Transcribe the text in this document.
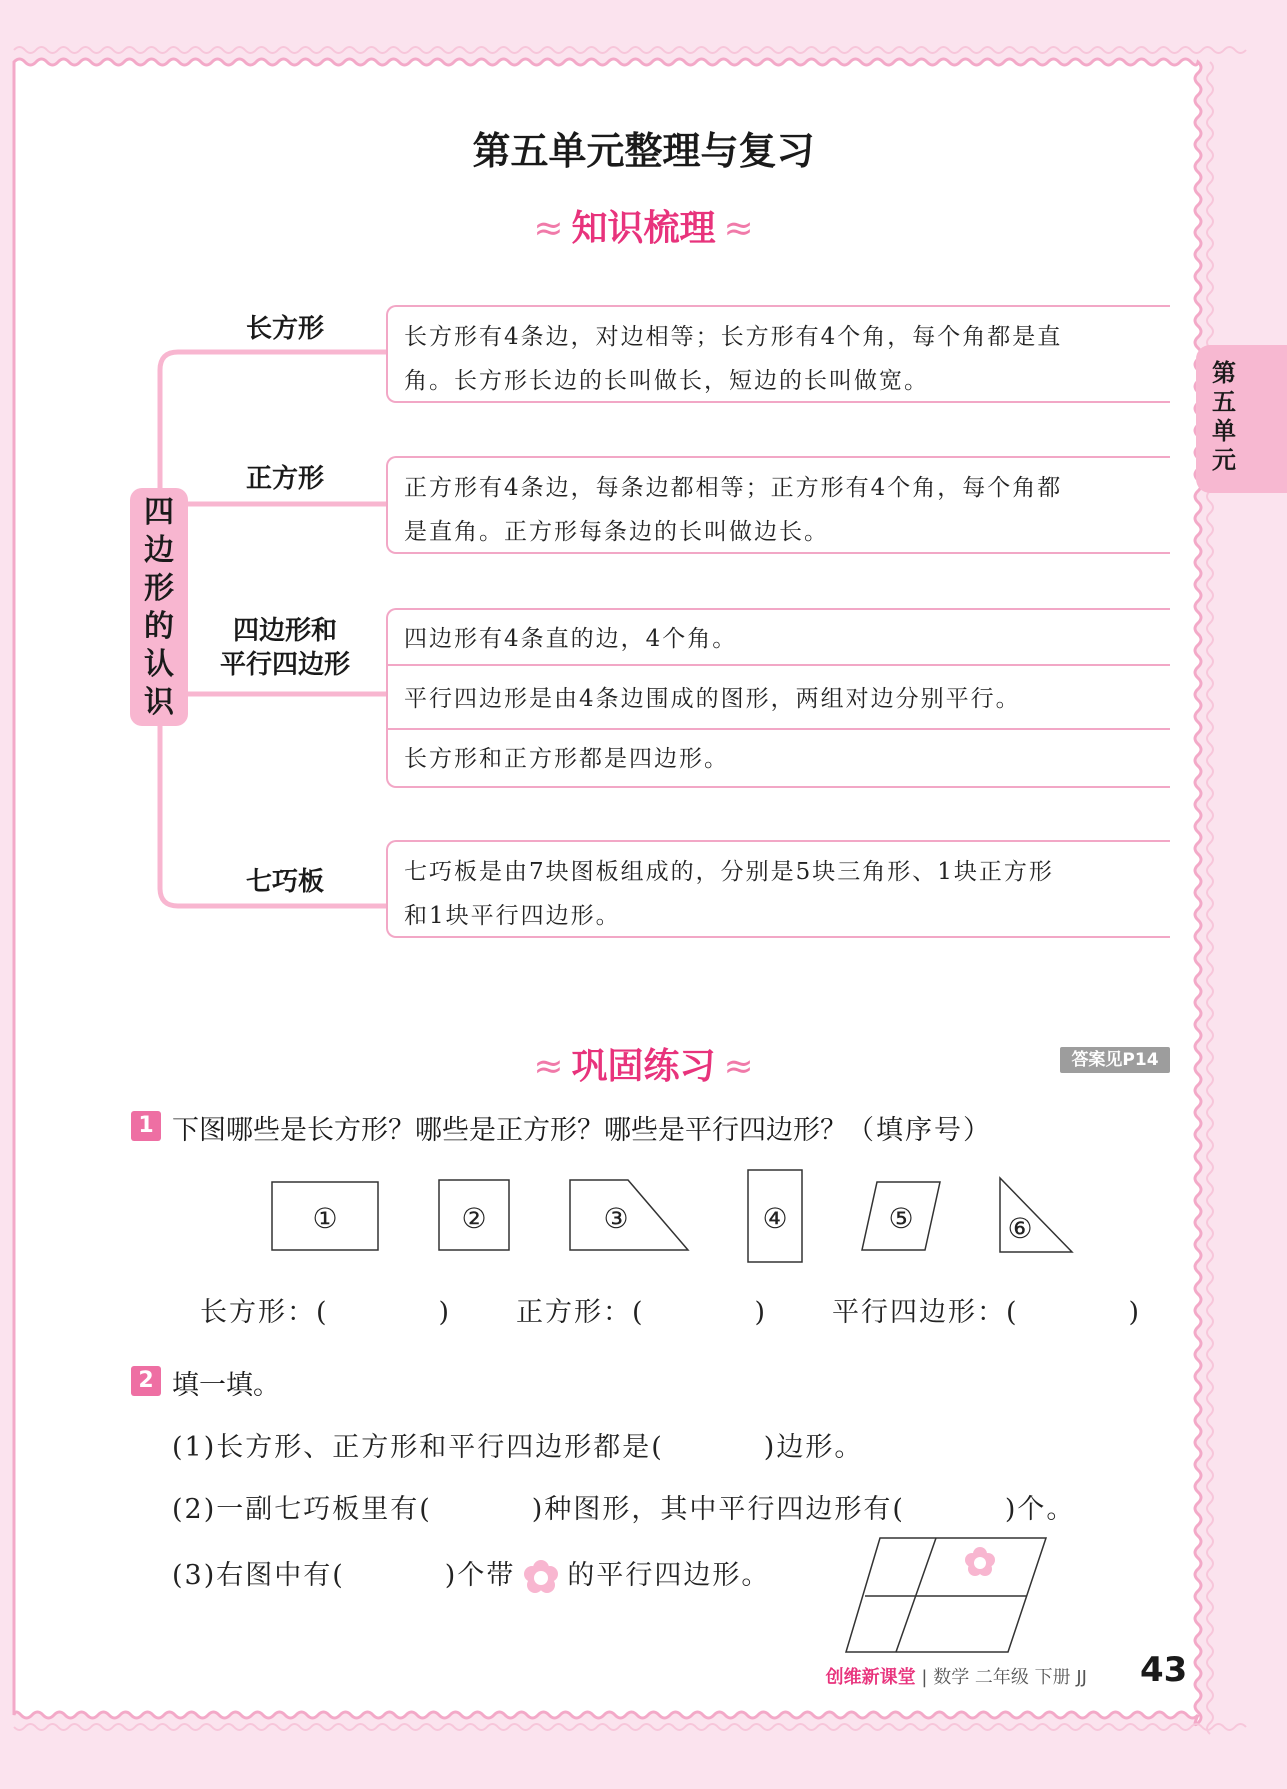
第五单元整理与复习
≈ 知识梳理 ≈
第五单元
四边形的认识
长方形	长方形有4条边，对边相等；长方形有4个角，每个角都是直
角。长方形长边的长叫做长，短边的长叫做宽。
正方形	正方形有4条边，每条边都相等；正方形有4个角，每个角都
是直角。正方形每条边的长叫做边长。
四边形和
平行四边形
四边形有4条直的边，4个角。
平行四边形是由4条边围成的图形，两组对边分别平行。
长方形和正方形都是四边形。
七巧板	七巧板是由7块图板组成的，分别是5块三角形、1块正方形
和1块平行四边形。
≈ 巩固练习 ≈	答案见P14
1 下图哪些是长方形？哪些是正方形？哪些是平行四边形？（填序号）
①	②	③	④	⑤	⑥
长方形：(	) 正方形：(	) 平行四边形：(	)
2 填一填。
(1)长方形、正方形和平行四边形都是(	)边形。
(2)一副七巧板里有(	)种图形，其中平行四边形有(	)个。
(3)右图中有(	)个带 的平行四边形。
创维新课堂 | 数学 二年级 下册 JJ 43
